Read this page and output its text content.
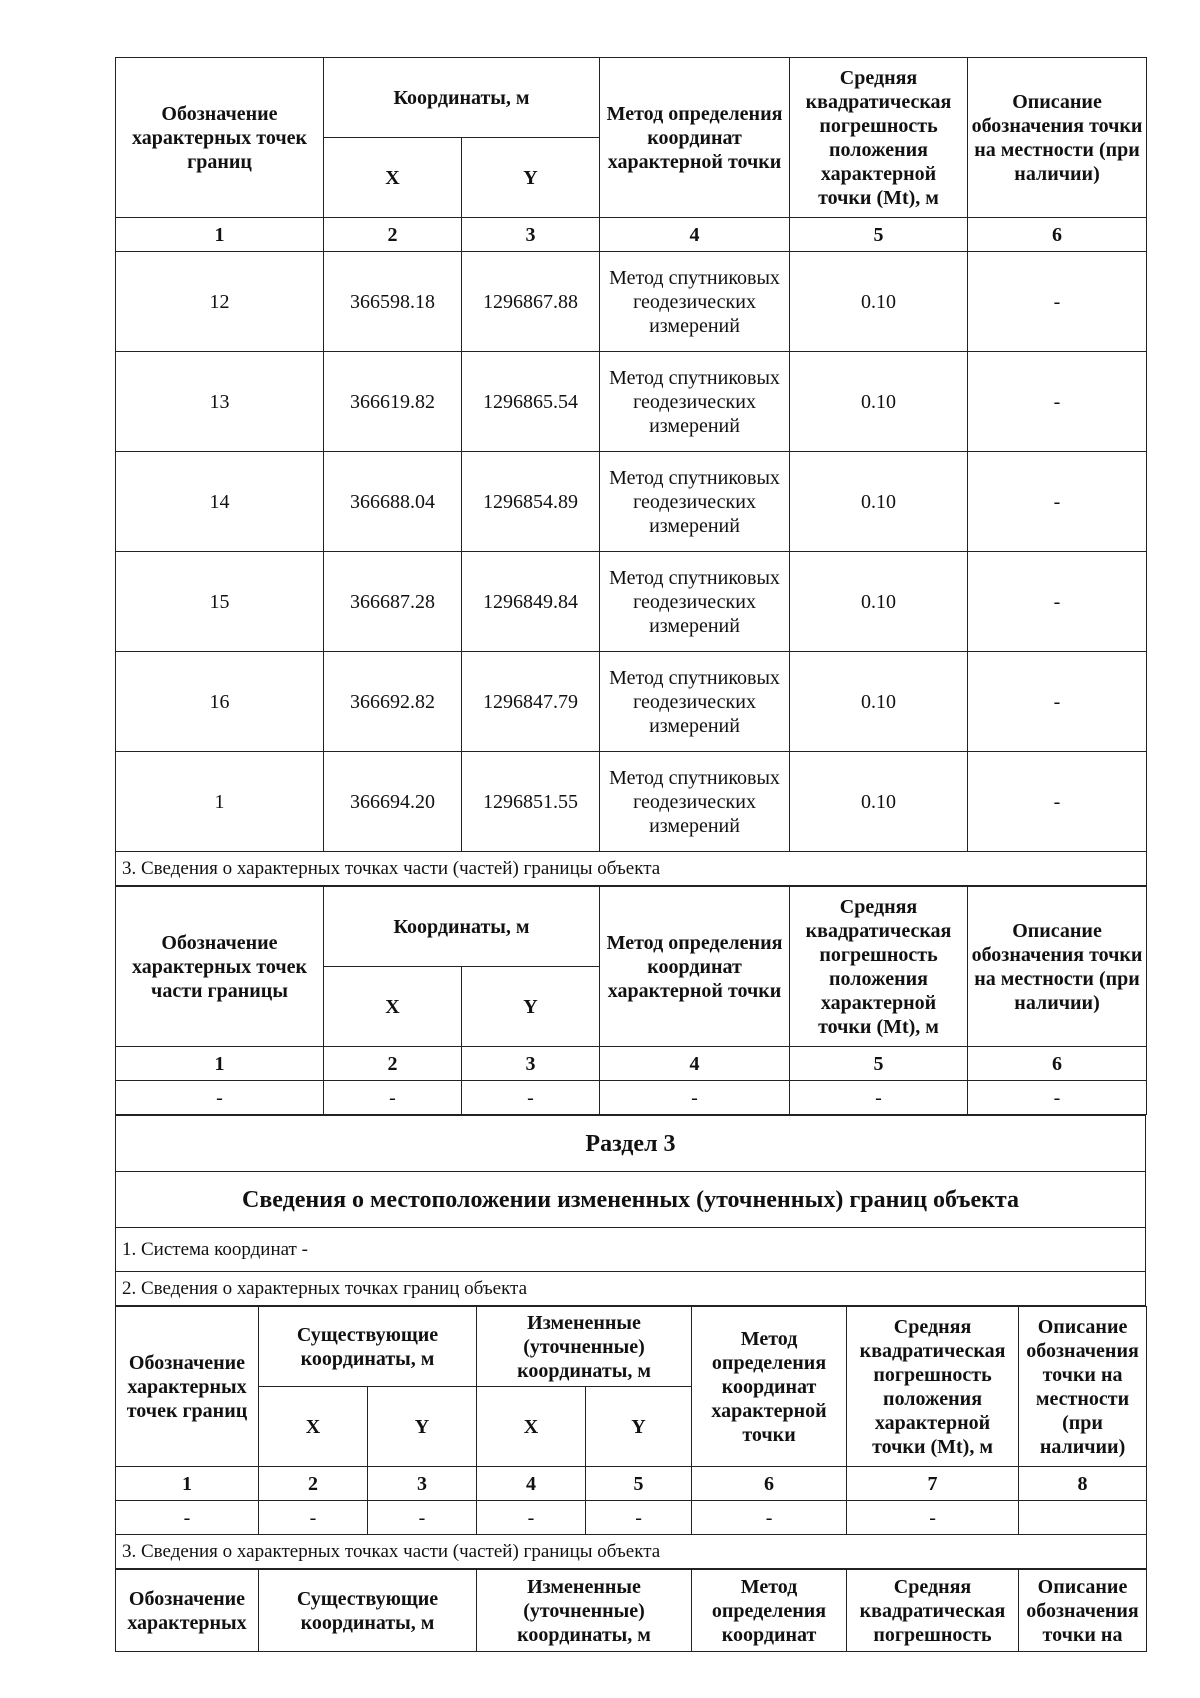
Обозначение характерных точек границ	Координаты, м		Метод определения координат характерной точки	Средняя квадратическая погрешность положения характерной точки (Mt), м	Описание обозначения точки на местности (при наличии)
	X	Y			
1	2	3	4	5	6
12	366598.18	1296867.88	Метод спутниковых геодезических измерений	0.10	-
13	366619.82	1296865.54	Метод спутниковых геодезических измерений	0.10	-
14	366688.04	1296854.89	Метод спутниковых геодезических измерений	0.10	-
15	366687.28	1296849.84	Метод спутниковых геодезических измерений	0.10	-
16	366692.82	1296847.79	Метод спутниковых геодезических измерений	0.10	-
1	366694.20	1296851.55	Метод спутниковых геодезических измерений	0.10	-
3. Сведения о характерных точках части (частей) границы объекта					
Обозначение характерных точек части границы	Координаты, м		Метод определения координат характерной точки	Средняя квадратическая погрешность положения характерной точки (Mt), м	Описание обозначения точки на местности (при наличии)
	X	Y			
1	2	3	4	5	6
-	-	-	-	-	-
Раздел 3
Сведения о местоположении измененных (уточненных) границ объекта
1. Система координат -
2. Сведения о характерных точках границ объекта
Обозначение характерных точек границ	Существующие координаты, м		Измененные (уточненные) координаты, м		Метод определения координат характерной точки	Средняя квадратическая погрешность положения характерной точки (Mt), м	Описание обозначения точки на местности (при наличии)
	X	Y	X	Y			
1	2	3	4	5	6	7	8
-	-	-	-	-	-	-	
3. Сведения о характерных точках части (частей) границы объекта							
Обозначение характерных	Существующие координаты, м	Измененные (уточненные) координаты, м	Метод определения координат	Средняя квадратическая погрешность	Описание обозначения точки на
